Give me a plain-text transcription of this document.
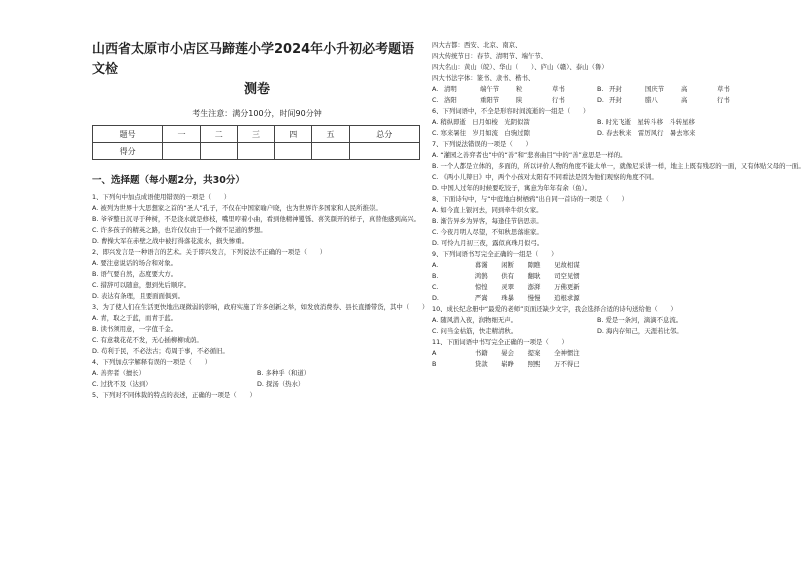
山西省太原市小店区马蹄莲小学2024年小升初必考题语文检
测卷
考生注意：满分100分，时间90分钟
题号	一	二	三	四	五	总分
得分						
一、选择题（每小题2分，共30分）
1、下列句中加点成语使用错误的一项是（　　）
A. 被列为世界十大思想家之首的“圣人”孔子，不仅在中国家喻户晓，也为世界许多国家和人民所推崇。
B. 爷爷整日沉寻于种树，不是浇水就是修枝，嘴里哼着小曲，看到他精神矍铄、喜笑颜开的样子，真替他感到高兴。
C. 许多孩子的精英之路，也许仅仅由于一个微不足道的梦想。
D. 曹操大军在赤壁之战中被打得落花流水，损失惨重。
2、即兴发言是一种语言的艺术。关于即兴发言，下列说法不正确的一项是（　　）
A. 要注意说话的场合和对象。
B. 语气要自然，态度要大方。
C. 措辞可以随意，想到先后顺序。
D. 表达有条理，且要面面俱到。
3、为了使人们在生活更快地出现微弱的影响，政府实施了许多创新之举，如发放消费券、县长直播带货，其中（　　）
A. 青，取之于蓝，而青于蓝。
B. 读书须用意，一字值千金。
C. 有意栽花花不发，无心插柳柳成荫。
D. 苟利于民，不必法古；苟周于事，不必循旧。
4、下列加点字解释有误的一项是（　　）
A. 善弈者（擅长）	B. 多种乎（和道）
C. 过犹不及（达到）	D. 探汤（热水）
5、下列对不同体裁的特点的表述，正确的一项是（　　）
四大古都：西安、北京、南京、
四大传统节日：春节、清明节、端午节、
四大名山：黄山（皖）、华山（　　）、庐山（赣）、泰山（鲁）
四大书法字体：篆书、隶书、楷书、
A. 清明	端午节	粒	草书	B. 开封	国庆节	高	草书
C. 洛阳	重阳节	陕	行书	D. 开封	腊八	高	行书
6、下列词语中，不全是形容时间流逝的一组是（　　）
A. 稍纵即逝　日月如梭　光阴似箭	B. 时光飞逝　星转斗移　斗转星移
C. 寒来暑往　岁月如流　白驹过隙	D. 春去秋来　雷厉风行　暑去寒来
7、下列说法错误的一项是（　　）
A. “灌园之善弈者也”中的“善”和“悲喜曲目”中的“善”意思是一样的。
B. 一个人都是立体的，多面的，所以评价人物的角度不能太单一，就像尼采讲一样，地主上既有残忍的一面，又有体贴父母的一面。
C. 《两小儿辩日》中，两个小孩对太阳有不同看法是因为他们观察的角度不同。
D. 中国人过年的时候要吃饺子，寓意为年年有余（鱼）。
8、下面诗句中，与“中庭地白树栖鸦”出自同一首诗的一项是（　　）
A. 如今直上银河去，同到牵牛织女家。
B. 渐告异乡为异客，每逢佳节倍思亲。
C. 今夜月明人尽望，不知秋思落谁家。
D. 可怜九月初三夜，露似真珠月似弓。
9、下列词语书写完全正确的一组是（　　）
A.	暮霭	闲断	隙瞧	见故相谋
B.	鸿鹄	供有	翻耿	司空见惯
C.	惊惶	灵翠	澎湃	万佛更新
D.	严嵩	珠暴	慢慢	追根求源
10、成长纪念册中“最爱的老师”页面还缺少文字，我会选择合适的诗句送给他（　　）
A. 随风潜入夜，润物细无声。	B. 爱是一条河，滴滴不息流。
C. 问当金枯筋，快走精清秋。	D. 海内存知己，天涯若比邻。
11、下面词语中书写完全正确的一项是（　　）
A	书籍	晏会	提案	全神惯注
B	贷款	崭睁	照熙	万不得已
